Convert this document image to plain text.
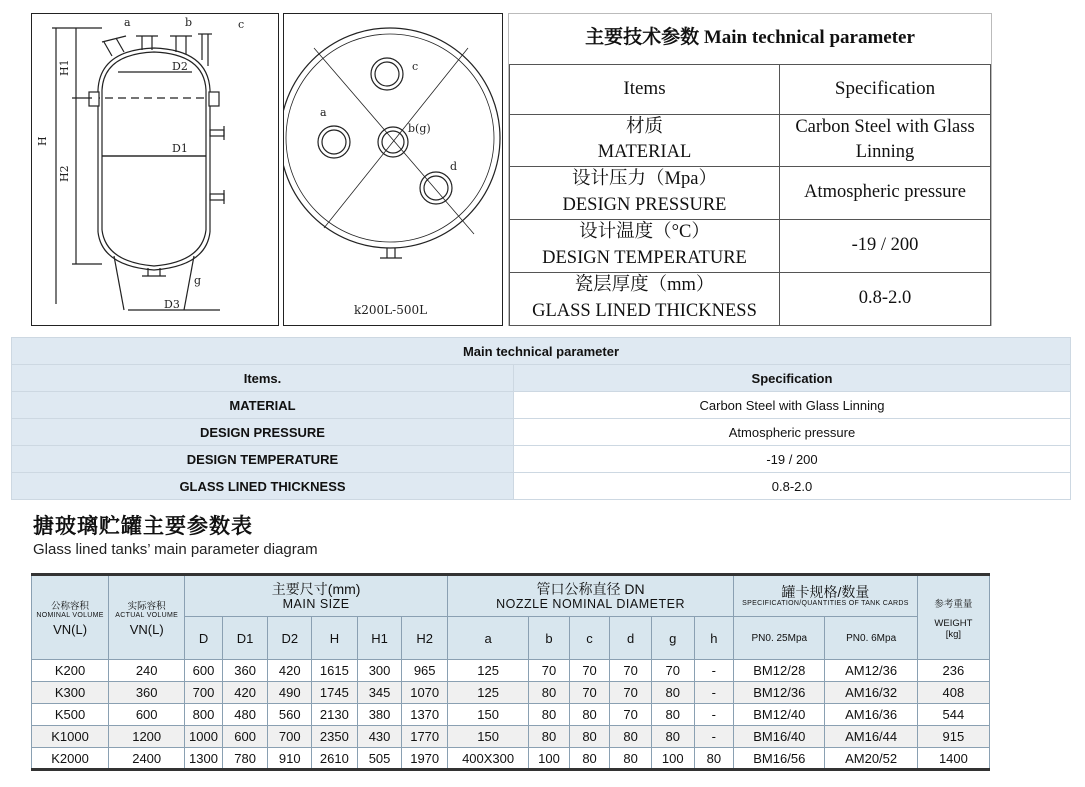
a	b	c
D2
D1
g
D3
H1
H
H2
c
a
b(g)
d
k200L-500L
主要技术参数 Main technical parameter	
Items	Specification
材质
MATERIAL	Carbon Steel with Glass Linning
设计压力（Mpa）
DESIGN PRESSURE	Atmospheric pressure
设计温度（°C）
DESIGN TEMPERATURE	-19 / 200
瓷层厚度（mm）
GLASS LINED THICKNESS	0.8-2.0
Main technical parameter	
Items.	Specification
MATERIAL	Carbon Steel with Glass Linning
DESIGN PRESSURE	Atmospheric pressure
DESIGN TEMPERATURE	-19 / 200
GLASS LINED THICKNESS	0.8-2.0
搪玻璃贮罐主要参数表
Glass lined tanks’ main parameter diagram
公称容积
NOMINAL VOLUME
VN(L)	实际容积
ACTUAL VOLUME
VN(L)	主要尺寸(mm)
MAIN SIZE						管口公称直径 DN
NOZZLE NOMINAL DIAMETER						罐卡规格/数量
SPECIFICATION/QUANTITIES OF TANK CARDS		参考重量
WEIGHT
[kg]

		D	D1	D2	H	H1	H2	a	b	c	d	g	h	PN0. 25Mpa	PN0. 6Mpa	
K200	240	600	360	420	1615	300	965	125	70	70	70	70	-	BM12/28	AM12/36	236
K300	360	700	420	490	1745	345	1070	125	80	70	70	80	-	BM12/36	AM16/32	408
K500	600	800	480	560	2130	380	1370	150	80	80	70	80	-	BM12/40	AM16/36	544
K1000	1200	1000	600	700	2350	430	1770	150	80	80	80	80	-	BM16/40	AM16/44	915
K2000	2400	1300	780	910	2610	505	1970	400X300	100	80	80	100	80	BM16/56	AM20/52	1400
